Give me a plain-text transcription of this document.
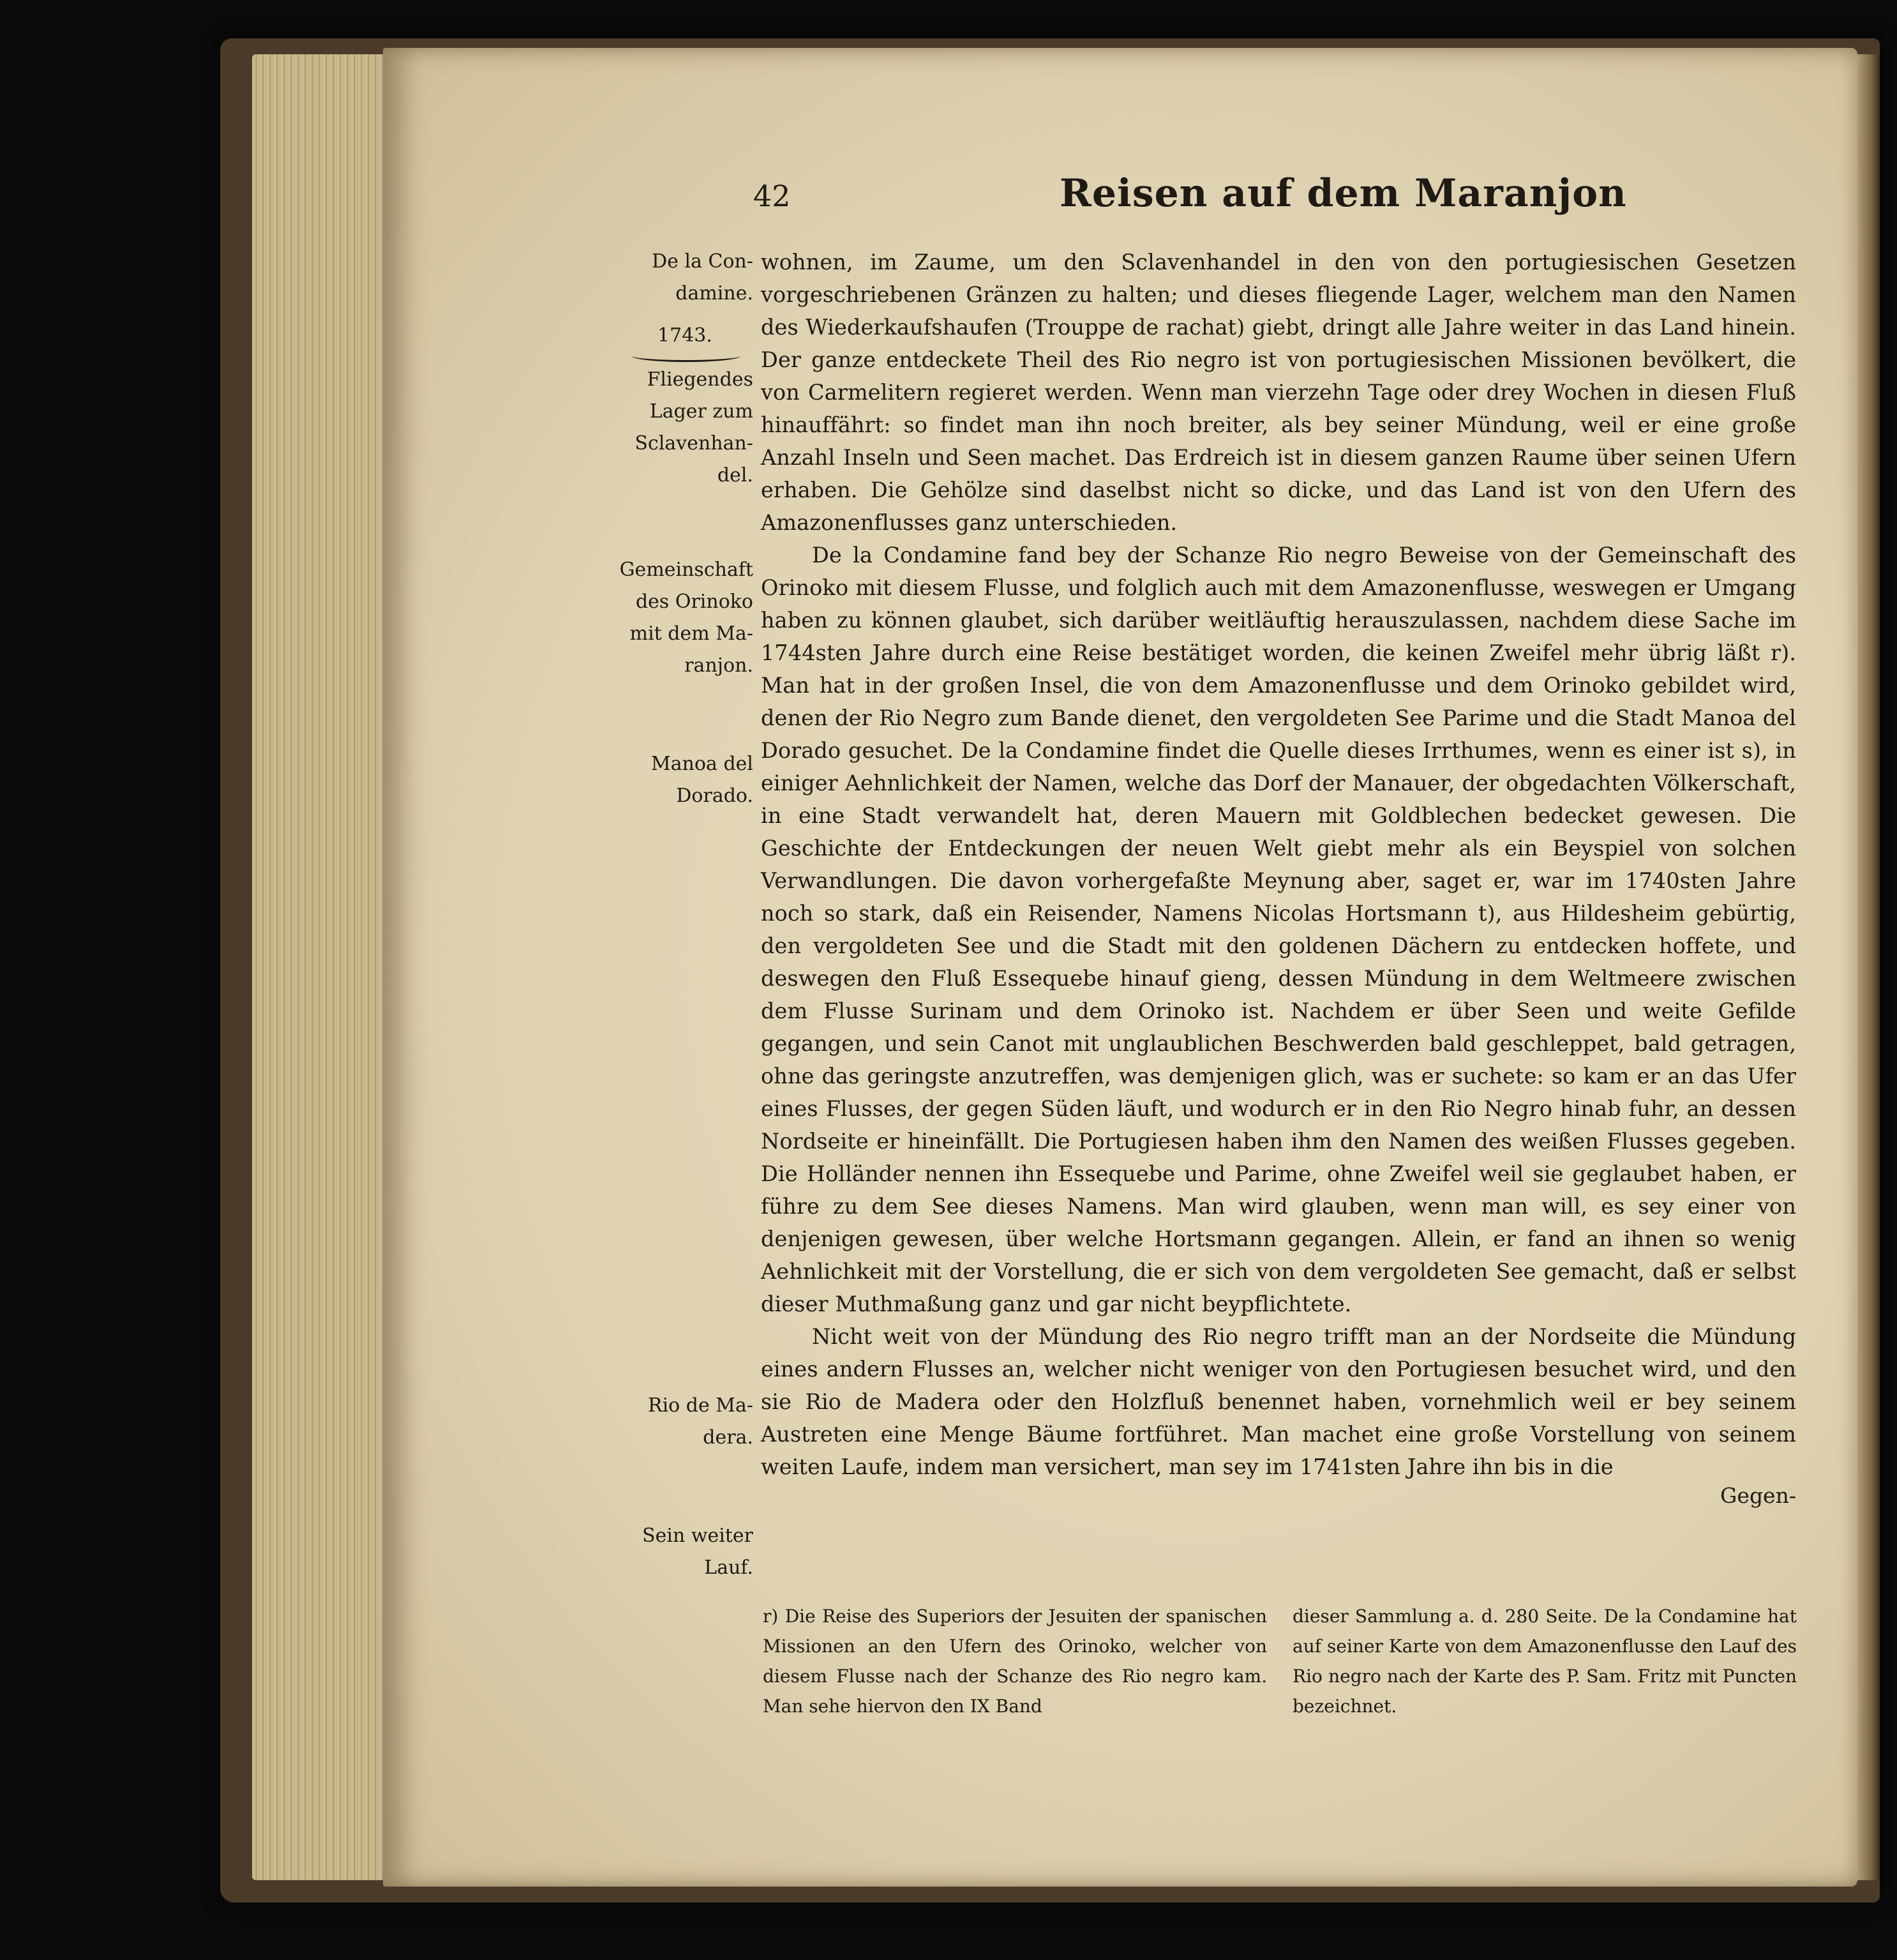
42	Reisen auf dem Maranjon
De la Con-
damine.
Fliegendes
Lager zum
Sclavenhan-
del.
Gemeinschaft
des Orinoko
mit dem Ma-
ranjon.
Manoa del
Dorado.
Rio de Ma-
dera.
Sein weiter
Lauf.
1743.

wohnen, im Zaume, um den Sclavenhandel in den von den portugiesischen Gesetzen vorgeschriebenen Gränzen zu halten; und dieses fliegende Lager, welchem man den Namen des Wiederkaufshaufen (Trouppe de rachat) giebt, dringt alle Jahre weiter in das Land hinein. Der ganze entdeckete Theil des Rio negro ist von portugiesischen Missionen bevölkert, die von Carmelitern regieret werden. Wenn man vierzehn Tage oder drey Wochen in diesen Fluß hinauffährt: so findet man ihn noch breiter, als bey seiner Mündung, weil er eine große Anzahl Inseln und Seen machet. Das Erdreich ist in diesem ganzen Raume über seinen Ufern erhaben. Die Gehölze sind daselbst nicht so dicke, und das Land ist von den Ufern des Amazonenflusses ganz unterschieden.

De la Condamine fand bey der Schanze Rio negro Beweise von der Gemeinschaft des Orinoko mit diesem Flusse, und folglich auch mit dem Amazonenflusse, weswegen er Umgang haben zu können glaubet, sich darüber weitläuftig herauszulassen, nachdem diese Sache im 1744sten Jahre durch eine Reise bestätiget worden, die keinen Zweifel mehr übrig läßt r). Man hat in der großen Insel, die von dem Amazonenflusse und dem Orinoko gebildet wird, denen der Rio Negro zum Bande dienet, den vergoldeten See Parime und die Stadt Manoa del Dorado gesuchet. De la Condamine findet die Quelle dieses Irrthumes, wenn es einer ist s), in einiger Aehnlichkeit der Namen, welche das Dorf der Manauer, der obgedachten Völkerschaft, in eine Stadt verwandelt hat, deren Mauern mit Goldblechen bedecket gewesen. Die Geschichte der Entdeckungen der neuen Welt giebt mehr als ein Beyspiel von solchen Verwandlungen. Die davon vorhergefaßte Meynung aber, saget er, war im 1740sten Jahre noch so stark, daß ein Reisender, Namens Nicolas Hortsmann t), aus Hildesheim gebürtig, den vergoldeten See und die Stadt mit den goldenen Dächern zu entdecken hoffete, und deswegen den Fluß Essequebe hinauf gieng, dessen Mündung in dem Weltmeere zwischen dem Flusse Surinam und dem Orinoko ist. Nachdem er über Seen und weite Gefilde gegangen, und sein Canot mit unglaublichen Beschwerden bald geschleppet, bald getragen, ohne das geringste anzutreffen, was demjenigen glich, was er suchete: so kam er an das Ufer eines Flusses, der gegen Süden läuft, und wodurch er in den Rio Negro hinab fuhr, an dessen Nordseite er hineinfällt. Die Portugiesen haben ihm den Namen des weißen Flusses gegeben. Die Holländer nennen ihn Essequebe und Parime, ohne Zweifel weil sie geglaubet haben, er führe zu dem See dieses Namens. Man wird glauben, wenn man will, es sey einer von denjenigen gewesen, über welche Hortsmann gegangen. Allein, er fand an ihnen so wenig Aehnlichkeit mit der Vorstellung, die er sich von dem vergoldeten See gemacht, daß er selbst dieser Muthmaßung ganz und gar nicht beypflichtete.

Nicht weit von der Mündung des Rio negro trifft man an der Nordseite die Mündung eines andern Flusses an, welcher nicht weniger von den Portugiesen besuchet wird, und den sie Rio de Madera oder den Holzfluß benennet haben, vornehmlich weil er bey seinem Austreten eine Menge Bäume fortführet. Man machet eine große Vorstellung von seinem weiten Laufe, indem man versichert, man sey im 1741sten Jahre ihn bis in die

Gegen-

r) Die Reise des Superiors der Jesuiten der spanischen Missionen an den Ufern des Orinoko, welcher von diesem Flusse nach der Schanze des Rio negro kam. Man sehe hiervon den IX Band

dieser Sammlung a. d. 280 Seite. De la Condamine hat auf seiner Karte von dem Amazonenflusse den Lauf des Rio negro nach der Karte des P. Sam. Fritz mit Puncten bezeichnet.
